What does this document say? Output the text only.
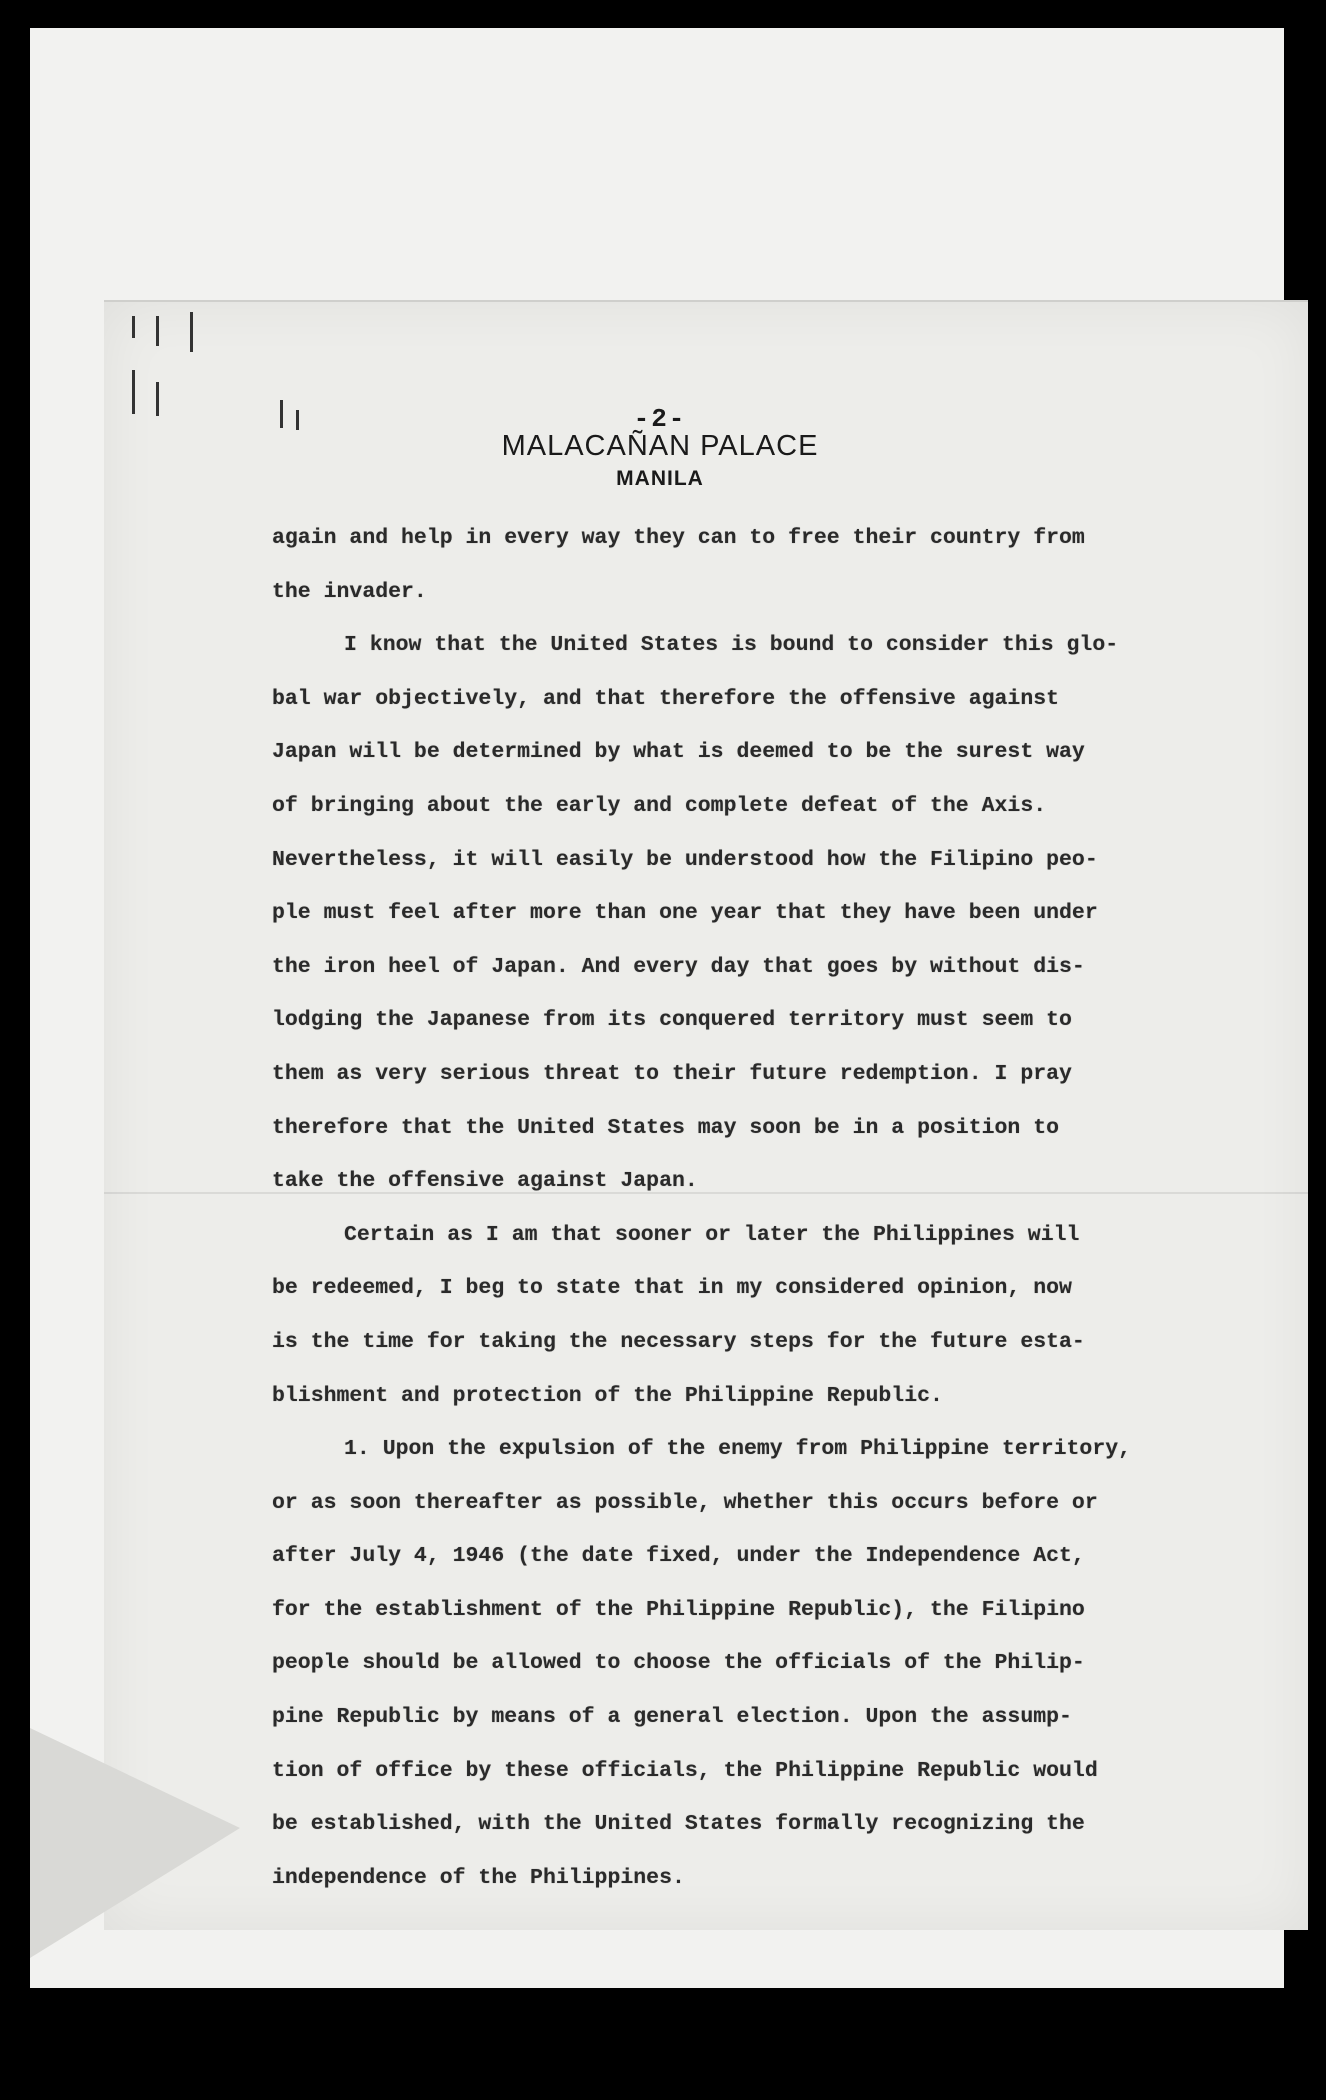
-2-
MALACAÑAN PALACE
MANILA
again and help in every way they can to free their country from
the invader.
I know that the United States is bound to consider this glo-
bal war objectively, and that therefore the offensive against
Japan will be determined by what is deemed to be the surest way
of bringing about the early and complete defeat of the Axis.
Nevertheless, it will easily be understood how the Filipino peo-
ple must feel after more than one year that they have been under
the iron heel of Japan. And every day that goes by without dis-
lodging the Japanese from its conquered territory must seem to
them as very serious threat to their future redemption. I pray
therefore that the United States may soon be in a position to
take the offensive against Japan.
Certain as I am that sooner or later the Philippines will
be redeemed, I beg to state that in my considered opinion, now
is the time for taking the necessary steps for the future esta-
blishment and protection of the Philippine Republic.
1. Upon the expulsion of the enemy from Philippine territory,
or as soon thereafter as possible, whether this occurs before or
after July 4, 1946 (the date fixed, under the Independence Act,
for the establishment of the Philippine Republic), the Filipino
people should be allowed to choose the officials of the Philip-
pine Republic by means of a general election. Upon the assump-
tion of office by these officials, the Philippine Republic would
be established, with the United States formally recognizing the
independence of the Philippines.
